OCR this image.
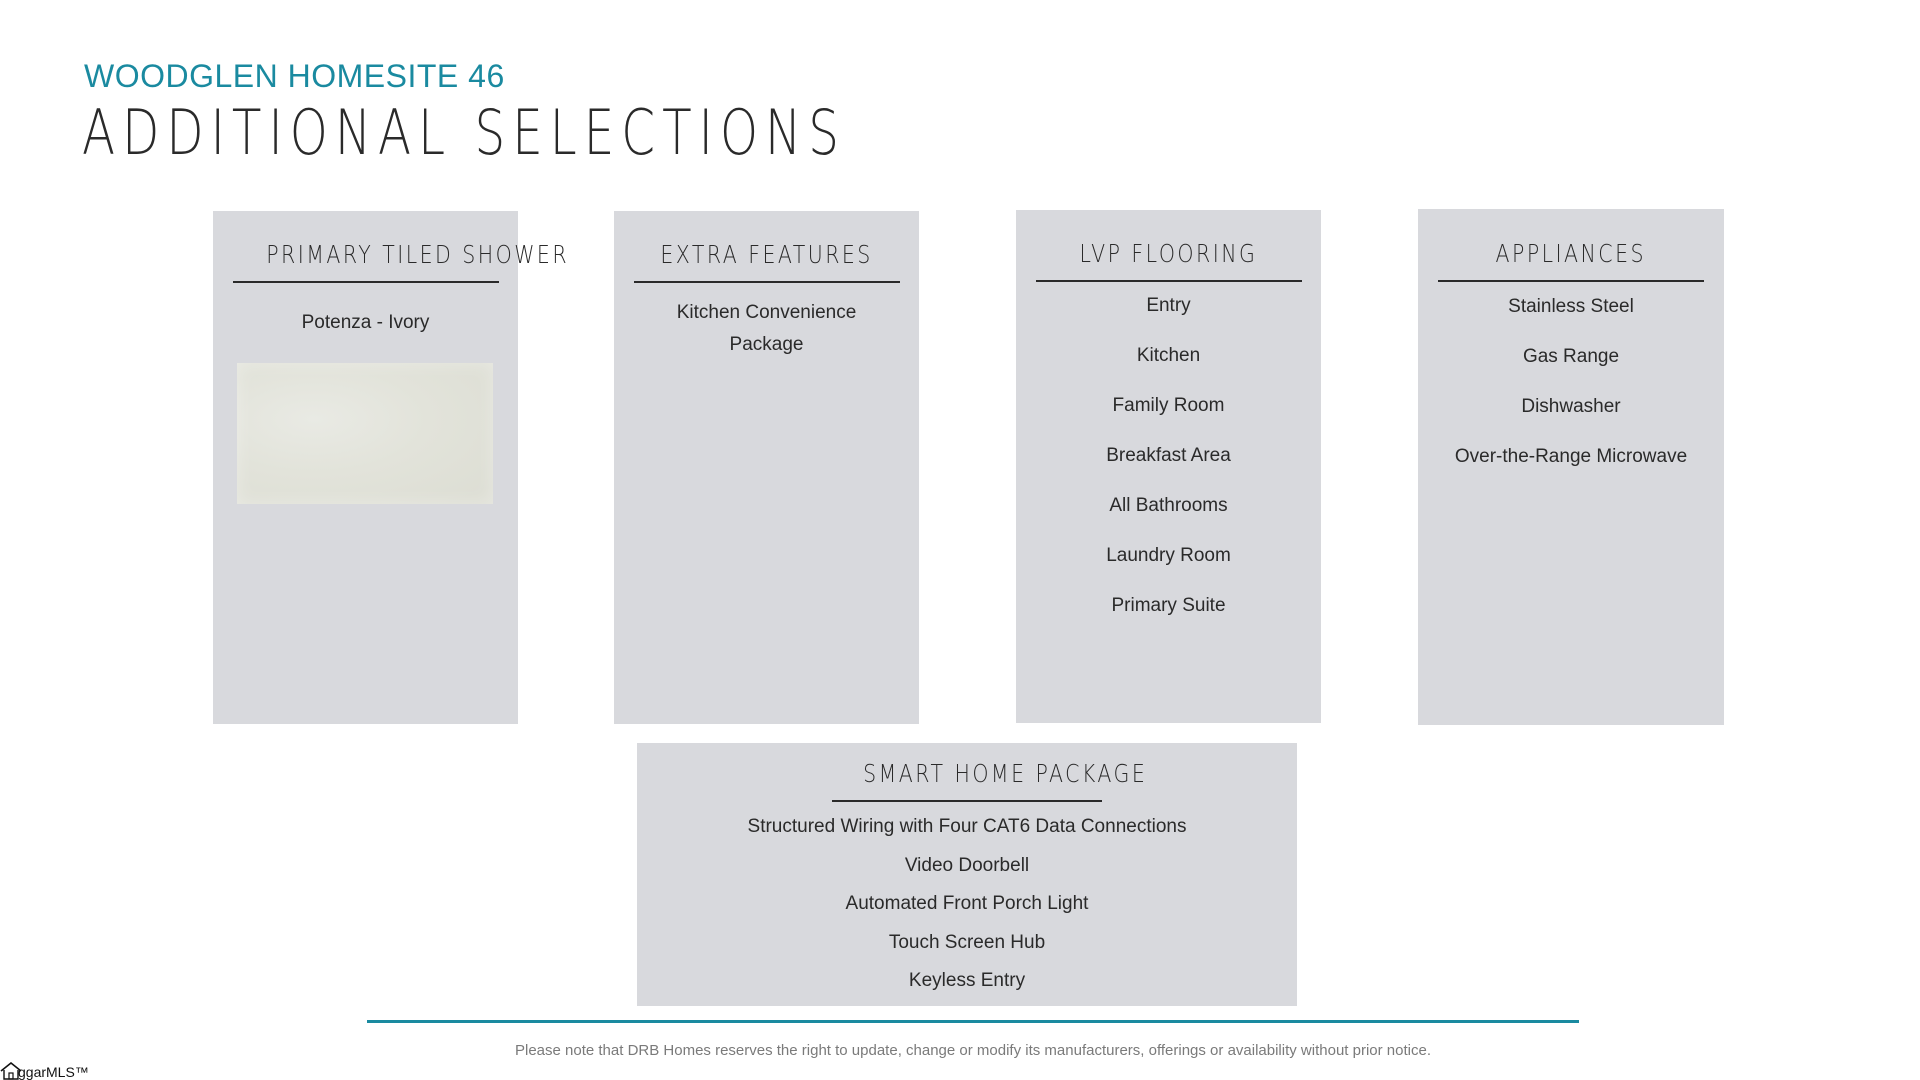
WOODGLEN HOMESITE 46
ADDITIONAL SELECTIONS
PRIMARY TILED SHOWER
Potenza - Ivory
EXTRA FEATURES
Kitchen Convenience Package
LVP FLOORING
Entry
Kitchen
Family Room
Breakfast Area
All Bathrooms
Laundry Room
Primary Suite
APPLIANCES
Stainless Steel
Gas Range
Dishwasher
Over-the-Range Microwave
SMART HOME PACKAGE
Structured Wiring with Four CAT6 Data Connections
Video Doorbell
Automated Front Porch Light
Touch Screen Hub
Keyless Entry
Please note that DRB Homes reserves the right to update, change or modify its manufacturers, offerings or availability without prior notice.
ggarMLS™
